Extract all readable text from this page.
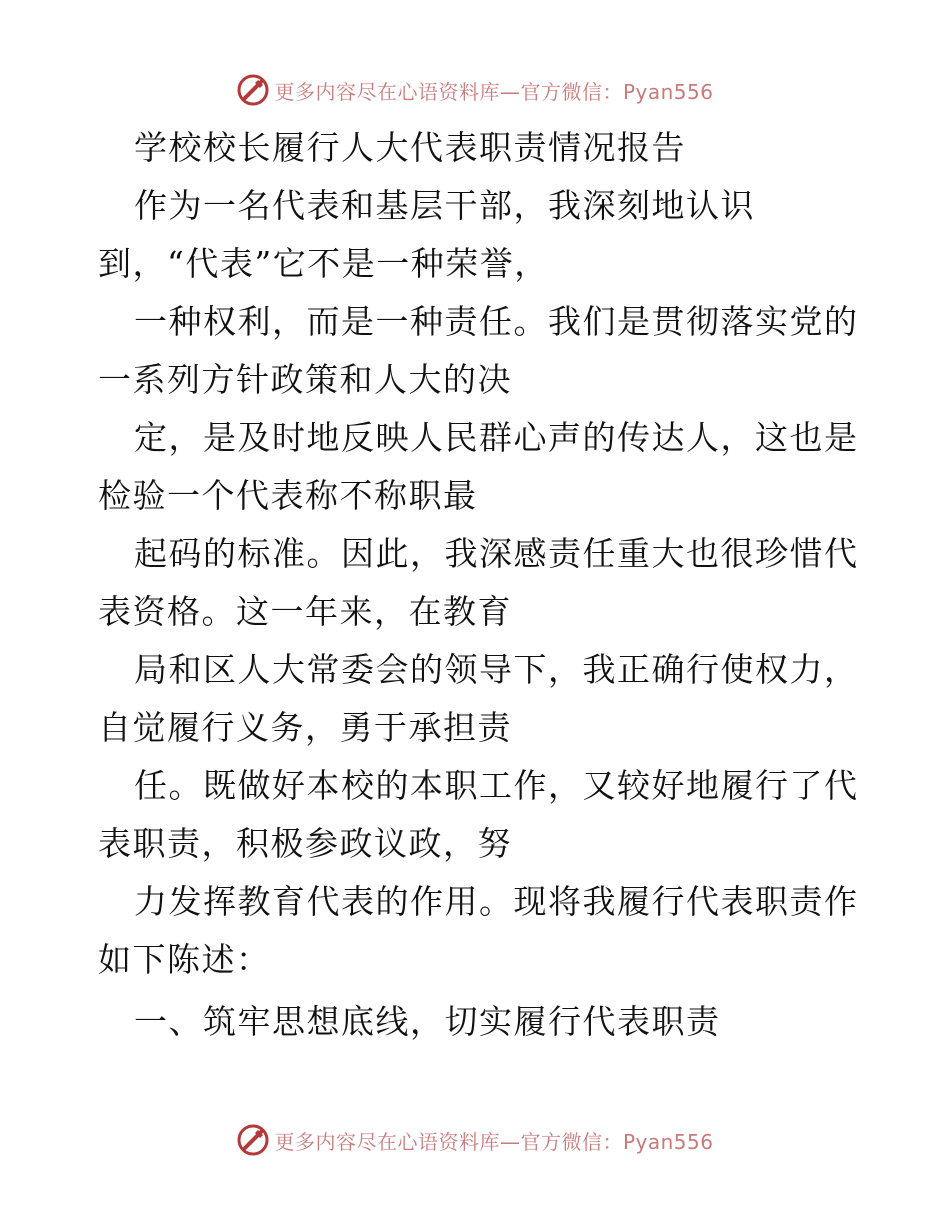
更多内容尽在心语资料库—官方微信：Pyan556
学校校长履行人大代表职责情况报告
作为一名代表和基层干部，我深刻地认识
到，“代表”它不是一种荣誉，
一种权利，而是一种责任。我们是贯彻落实党的
一系列方针政策和人大的决
定，是及时地反映人民群心声的传达人，这也是
检验一个代表称不称职最
起码的标准。因此，我深感责任重大也很珍惜代
表资格。这一年来，在教育
局和区人大常委会的领导下，我正确行使权力，
自觉履行义务，勇于承担责
任。既做好本校的本职工作，又较好地履行了代
表职责，积极参政议政，努
力发挥教育代表的作用。现将我履行代表职责作
如下陈述：
一、筑牢思想底线，切实履行代表职责
更多内容尽在心语资料库—官方微信：Pyan556
